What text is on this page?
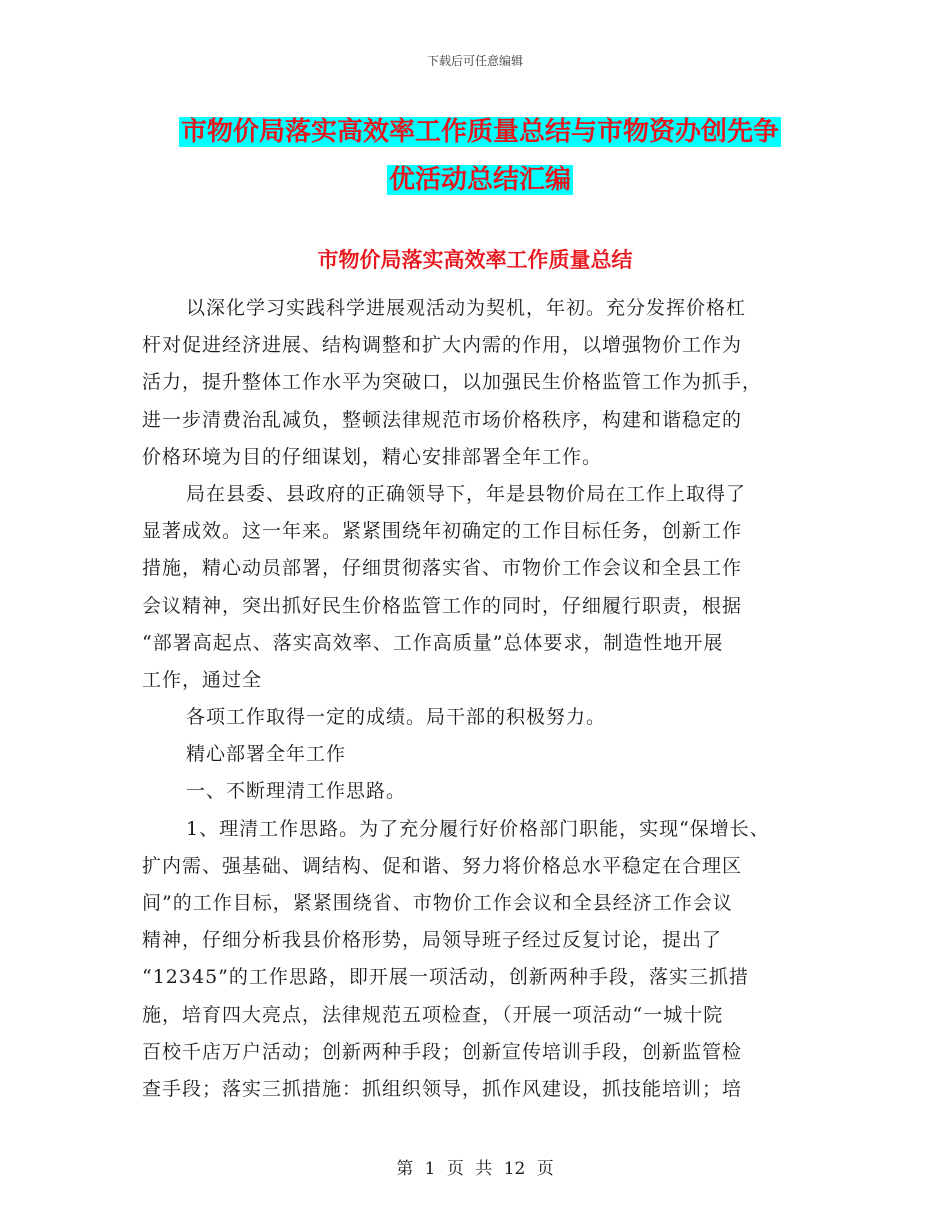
下载后可任意编辑
市物价局落实高效率工作质量总结与市物资办创先争
优活动总结汇编
市物价局落实高效率工作质量总结
以深化学习实践科学进展观活动为契机，年初。充分发挥价格杠
杆对促进经济进展、结构调整和扩大内需的作用，以增强物价工作为
活力，提升整体工作水平为突破口，以加强民生价格监管工作为抓手，
进一步清费治乱减负，整顿法律规范市场价格秩序，构建和谐稳定的
价格环境为目的仔细谋划，精心安排部署全年工作。
局在县委、县政府的正确领导下，年是县物价局在工作上取得了
显著成效。这一年来。紧紧围绕年初确定的工作目标任务，创新工作
措施，精心动员部署，仔细贯彻落实省、市物价工作会议和全县工作
会议精神，突出抓好民生价格监管工作的同时，仔细履行职责，根据
“部署高起点、落实高效率、工作高质量”总体要求，制造性地开展
工作，通过全
各项工作取得一定的成绩。局干部的积极努力。
精心部署全年工作
一、不断理清工作思路。
1、理清工作思路。为了充分履行好价格部门职能，实现“保增长、
扩内需、强基础、调结构、促和谐、努力将价格总水平稳定在合理区
间”的工作目标，紧紧围绕省、市物价工作会议和全县经济工作会议
精神，仔细分析我县价格形势，局领导班子经过反复讨论，提出了
“12345”的工作思路，即开展一项活动，创新两种手段，落实三抓措
施，培育四大亮点，法律规范五项检查，（开展一项活动“一城十院
百校千店万户活动；创新两种手段；创新宣传培训手段，创新监管检
查手段；落实三抓措施：抓组织领导，抓作风建设，抓技能培训；培
第 1 页 共 12 页
